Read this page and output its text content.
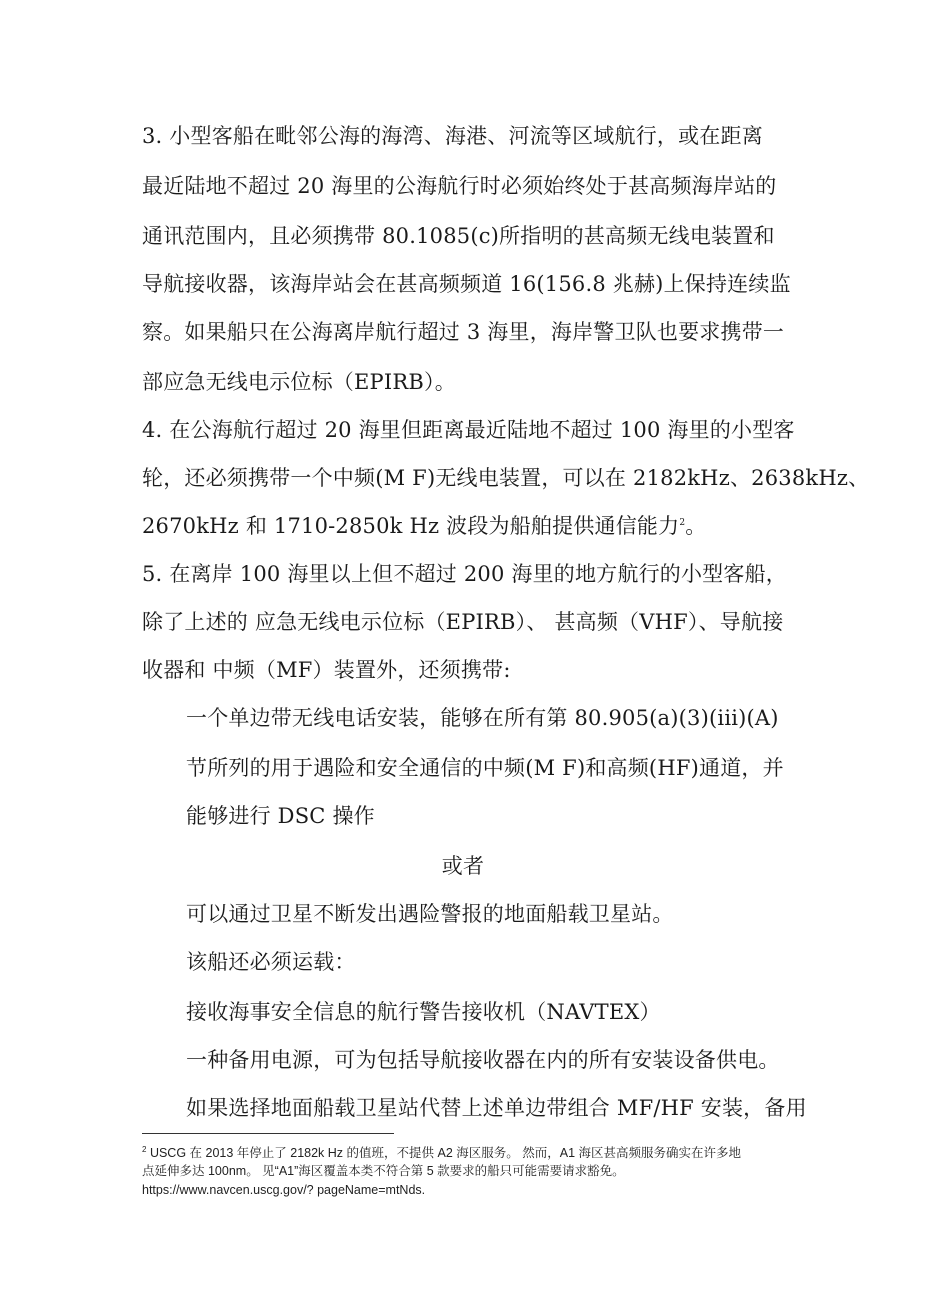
3. 小型客船在毗邻公海的海湾、海港、河流等区域航行，或在距离
最近陆地不超过 20 海里的公海航行时必须始终处于甚高频海岸站的
通讯范围内，且必须携带 80.1085(c)所指明的甚高频无线电装置和
导航接收器，该海岸站会在甚高频频道 16(156.8 兆赫)上保持连续监
察。如果船只在公海离岸航行超过 3 海里，海岸警卫队也要求携带一
部应急无线电示位标（EPIRB）。
4. 在公海航行超过 20 海里但距离最近陆地不超过 100 海里的小型客
轮，还必须携带一个中频(M F)无线电装置，可以在 2182kHz、2638kHz、
2670kHz 和 1710-2850k Hz 波段为船舶提供通信能力$^2$。
5. 在离岸 100 海里以上但不超过 200 海里的地方航行的小型客船，
除了上述的 应急无线电示位标（EPIRB）、 甚高频（VHF）、导航接
收器和 中频（MF）装置外，还须携带:
一个单边带无线电话安装，能够在所有第 80.905(a)(3)(iii)(A)
节所列的用于遇险和安全通信的中频(M F)和高频(HF)通道，并
能够进行 DSC 操作
或者
可以通过卫星不断发出遇险警报的地面船载卫星站。
该船还必须运载：
接收海事安全信息的航行警告接收机（NAVTEX）
一种备用电源，可为包括导航接收器在内的所有安装设备供电。
如果选择地面船载卫星站代替上述单边带组合 MF/HF 安装，备用
$^2$ USCG 在 2013 年停止了 2182k Hz 的值班，不提供 A2 海区服务。 然而，A1 海区甚高频服务确实在许多地
点延伸多达 100nm。 见“A1”海区覆盖本类不符合第 5 款要求的船只可能需要请求豁免。
https://www.navcen.uscg.gov/? pageName=mtNds.
